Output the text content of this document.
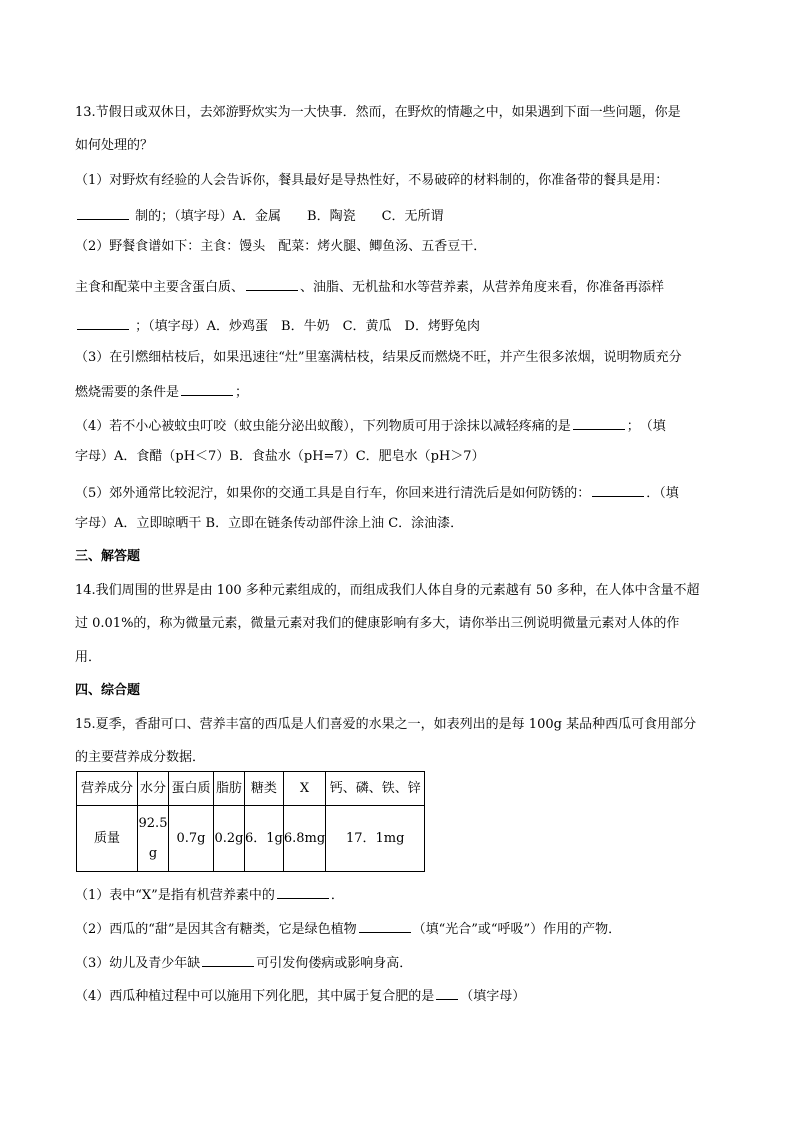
13.节假日或双休日，去郊游野炊实为一大快事．然而，在野炊的情趣之中，如果遇到下面一些问题，你是
如何处理的？
（1）对野炊有经验的人会告诉你，餐具最好是导热性好，不易破碎的材料制的，你准备带的餐具是用：
制的；（填字母）A．金属　　B．陶瓷　　C．无所谓
（2）野餐食谱如下：主食：馒头　配菜：烤火腿、鲫鱼汤、五香豆干．
主食和配菜中主要含蛋白质、	、油脂、无机盐和水等营养素，从营养角度来看，你准备再添样
；（填字母）A．炒鸡蛋　B．牛奶　C．黄瓜　D．烤野兔肉
（3）在引燃细枯枝后，如果迅速往“灶”里塞满枯枝，结果反而燃烧不旺，并产生很多浓烟，说明物质充分
燃烧需要的条件是	；
（4）若不小心被蚊虫叮咬（蚊虫能分泌出蚁酸），下列物质可用于涂抹以减轻疼痛的是	；　（填
字母）A．食醋（pH＜7）B．食盐水（pH=7）C．肥皂水（pH＞7）
（5）郊外通常比较泥泞，如果你的交通工具是自行车，你回来进行清洗后是如何防锈的：	．（填
字母）A．立即晾晒干 B．立即在链条传动部件涂上油 C．涂油漆．
三、解答题
14.我们周围的世界是由 100 多种元素组成的，而组成我们人体自身的元素越有 50 多种，在人体中含量不超
过 0.01%的，称为微量元素，微量元素对我们的健康影响有多大，请你举出三例说明微量元素对人体的作
用．
四、综合题
15.夏季，香甜可口、营养丰富的西瓜是人们喜爱的水果之一，如表列出的是每 100g 某品种西瓜可食用部分
的主要营养成分数据．
营养成分	水分	蛋白质	脂肪	糖类	X	钙、磷、铁、锌
质量	92.5g	0.7g	0.2g	6．1g	6.8mg	17．1mg
（1）表中“X”是指有机营养素中的	．
（2）西瓜的“甜”是因其含有糖类，它是绿色植物	（填“光合”或“呼吸”）作用的产物．
（3）幼儿及青少年缺	可引发佝偻病或影响身高．
（4）西瓜种植过程中可以施用下列化肥，其中属于复合肥的是 （填字母）
